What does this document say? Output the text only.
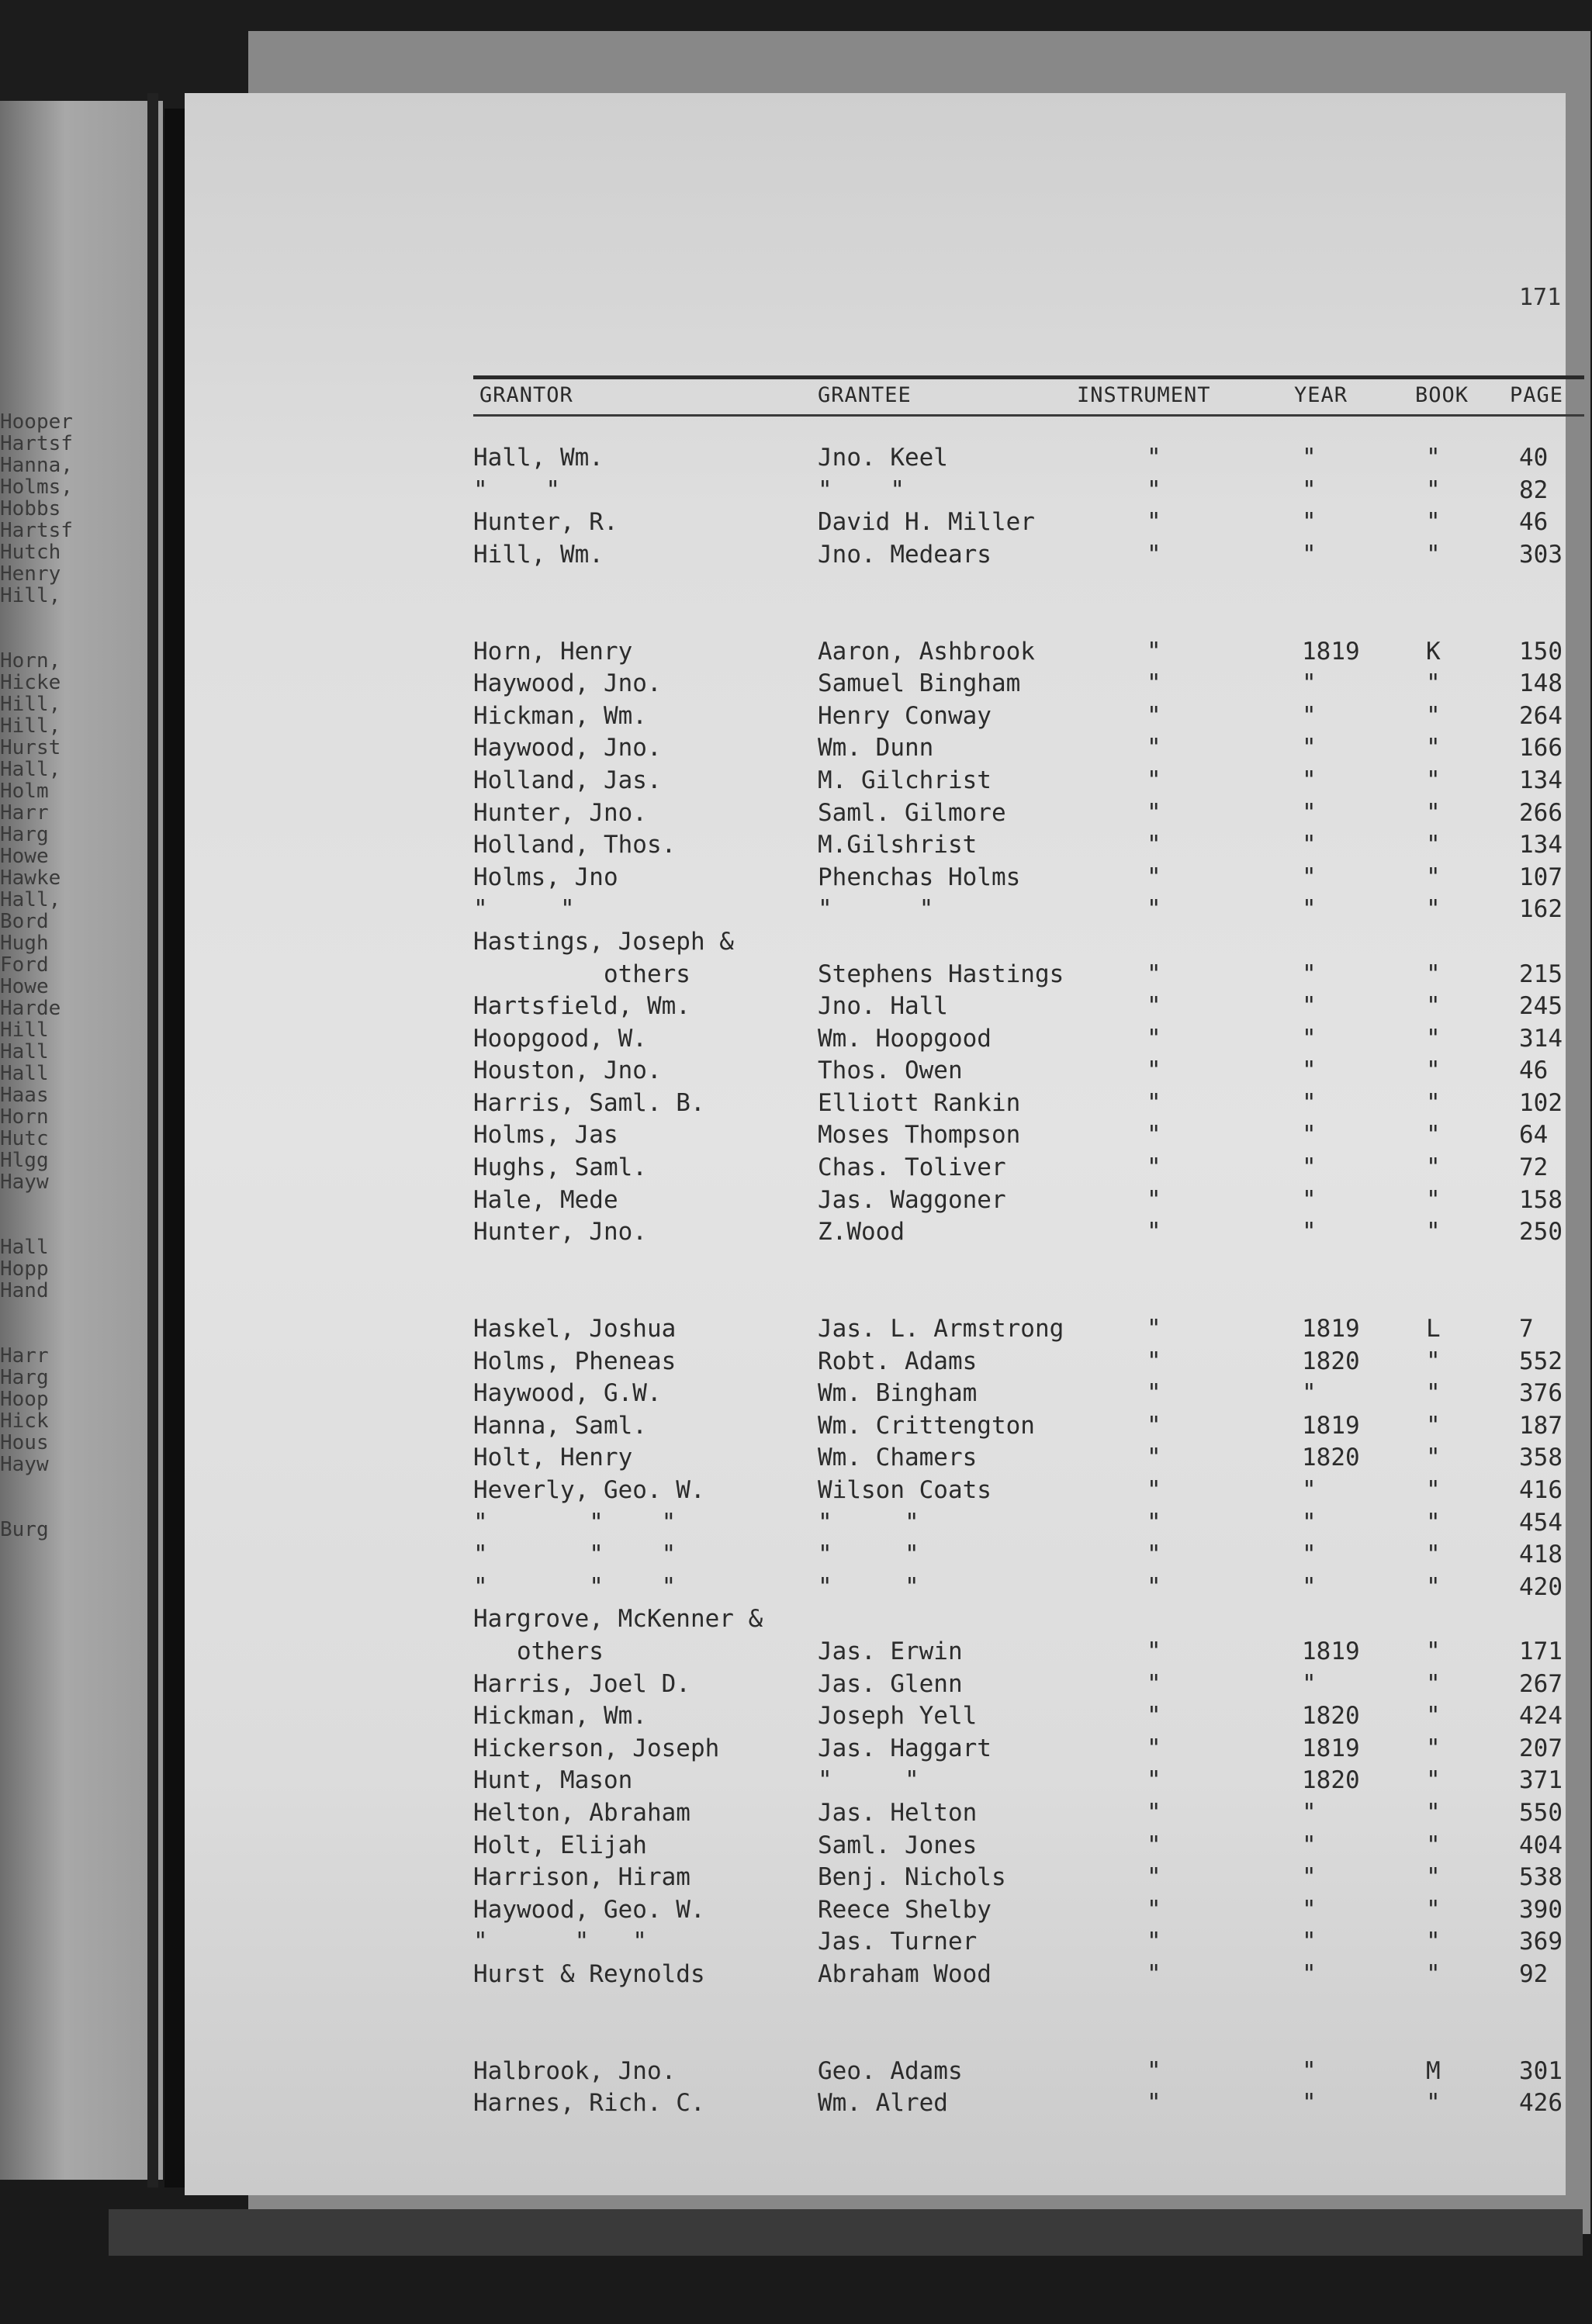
Hooper
Hartsf
Hanna,
Holms,
Hobbs
Hartsf
Hutch
Henry
Hill,
Horn,
Hicke
Hill,
Hill,
Hurst
Hall,
Holm
Harr
Harg
Howe
Hawke
Hall,
Bord
Hugh
Ford
Howe
Harde
Hill
Hall
Hall
Haas
Horn
Hutc
Hlgg
Hayw
Hall
Hopp
Hand
Harr
Harg
Hoop
Hick
Hous
Hayw
Burg
171
GRANTOR	GRANTEE	INSTRUMENT	YEAR	BOOK PAGE
Hall, Wm.	Jno. Keel	"	"	"	40
"    "	"    "	"	"	"	82
Hunter, R.	David H. Miller	"	"	"	46
Hill, Wm.	Jno. Medears	"	"	"	303
Horn, Henry	Aaron, Ashbrook	"	1819	K	150
Haywood, Jno.	Samuel Bingham	"	"	"	148
Hickman, Wm.	Henry Conway	"	"	"	264
Haywood, Jno.	Wm. Dunn	"	"	"	166
Holland, Jas.	M. Gilchrist	"	"	"	134
Hunter, Jno.	Saml. Gilmore	"	"	"	266
Holland, Thos.	M.Gilshrist	"	"	"	134
Holms, Jno	Phenchas Holms	"	"	"	107
"     "	"      "	"	"	"	162
Hastings, Joseph &
others	Stephens Hastings	"	"	"	215
Hartsfield, Wm.	Jno. Hall	"	"	"	245
Hoopgood, W.	Wm. Hoopgood	"	"	"	314
Houston, Jno.	Thos. Owen	"	"	"	46
Harris, Saml. B.	Elliott Rankin	"	"	"	102
Holms, Jas	Moses Thompson	"	"	"	64
Hughs, Saml.	Chas. Toliver	"	"	"	72
Hale, Mede	Jas. Waggoner	"	"	"	158
Hunter, Jno.	Z.Wood	"	"	"	250
Haskel, Joshua	Jas. L. Armstrong	"	1819	L	7
Holms, Pheneas	Robt. Adams	"	1820	"	552
Haywood, G.W.	Wm. Bingham	"	"	"	376
Hanna, Saml.	Wm. Crittengton	"	1819	"	187
Holt, Henry	Wm. Chamers	"	1820	"	358
Heverly, Geo. W.	Wilson Coats	"	"	"	416
"       "    "	"     "	"	"	"	454
"       "    "	"     "	"	"	"	418
"       "    "	"     "	"	"	"	420
Hargrove, McKenner &
others	Jas. Erwin	"	1819	"	171
Harris, Joel D.	Jas. Glenn	"	"	"	267
Hickman, Wm.	Joseph Yell	"	1820	"	424
Hickerson, Joseph	Jas. Haggart	"	1819	"	207
Hunt, Mason	"     "	"	1820	"	371
Helton, Abraham	Jas. Helton	"	"	"	550
Holt, Elijah	Saml. Jones	"	"	"	404
Harrison, Hiram	Benj. Nichols	"	"	"	538
Haywood, Geo. W.	Reece Shelby	"	"	"	390
"      "   "	Jas. Turner	"	"	"	369
Hurst & Reynolds	Abraham Wood	"	"	"	92
Halbrook, Jno.	Geo. Adams	"	"	M	301
Harnes, Rich. C.	Wm. Alred	"	"	"	426
